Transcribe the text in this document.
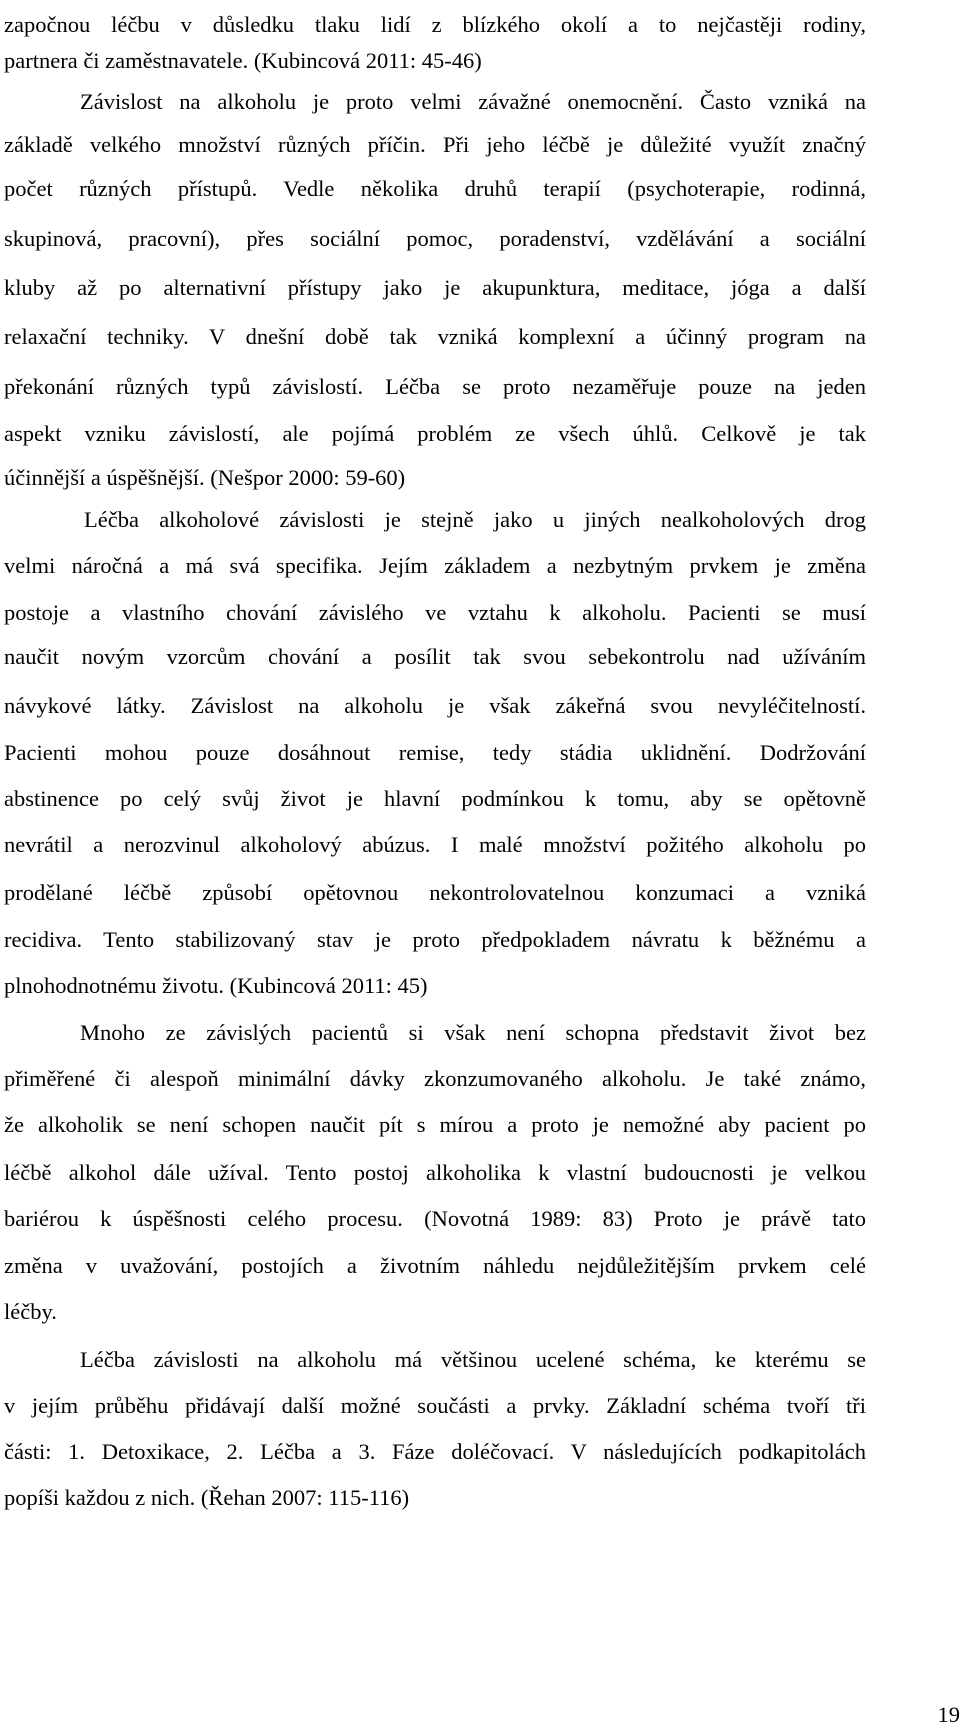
započnou léčbu v důsledku tlaku lidí z blízkého okolí a to nejčastěji rodiny,
partnera či zaměstnavatele. (Kubincová 2011: 45-46)
Závislost na alkoholu je proto velmi závažné onemocnění. Často vzniká na
základě velkého množství různých příčin. Při jeho léčbě je důležité využít značný
počet různých přístupů. Vedle několika druhů terapií (psychoterapie, rodinná,
skupinová, pracovní), přes sociální pomoc, poradenství, vzdělávání a sociální
kluby až po alternativní přístupy jako je akupunktura, meditace, jóga a další
relaxační techniky. V dnešní době tak vzniká komplexní a účinný program na
překonání různých typů závislostí. Léčba se proto nezaměřuje pouze na jeden
aspekt vzniku závislostí, ale pojímá problém ze všech úhlů. Celkově je tak
účinnější a úspěšnější. (Nešpor 2000: 59-60)
Léčba alkoholové závislosti je stejně jako u jiných nealkoholových drog
velmi náročná a má svá specifika. Jejím základem a nezbytným prvkem je změna
postoje a vlastního chování závislého ve vztahu k alkoholu. Pacienti se musí
naučit novým vzorcům chování a posílit tak svou sebekontrolu nad užíváním
návykové látky. Závislost na alkoholu je však zákeřná svou nevyléčitelností.
Pacienti mohou pouze dosáhnout remise, tedy stádia uklidnění. Dodržování
abstinence po celý svůj život je hlavní podmínkou k tomu, aby se opětovně
nevrátil a nerozvinul alkoholový abúzus. I malé množství požitého alkoholu po
prodělané léčbě způsobí opětovnou nekontrolovatelnou konzumaci a vzniká
recidiva. Tento stabilizovaný stav je proto předpokladem návratu k běžnému a
plnohodnotnému životu. (Kubincová 2011: 45)
Mnoho ze závislých pacientů si však není schopna představit život bez
přiměřené či alespoň minimální dávky zkonzumovaného alkoholu. Je také známo,
že alkoholik se není schopen naučit pít s mírou a proto je nemožné aby pacient po
léčbě alkohol dále užíval. Tento postoj alkoholika k vlastní budoucnosti je velkou
bariérou k úspěšnosti celého procesu. (Novotná 1989: 83) Proto je právě tato
změna v uvažování, postojích a životním náhledu nejdůležitějším prvkem celé
léčby.
Léčba závislosti na alkoholu má většinou ucelené schéma, ke kterému se
v jejím průběhu přidávají další možné součásti a prvky. Základní schéma tvoří tři
části: 1. Detoxikace, 2. Léčba a 3. Fáze doléčovací. V následujících podkapitolách
popíši každou z nich. (Řehan 2007: 115-116)
19
